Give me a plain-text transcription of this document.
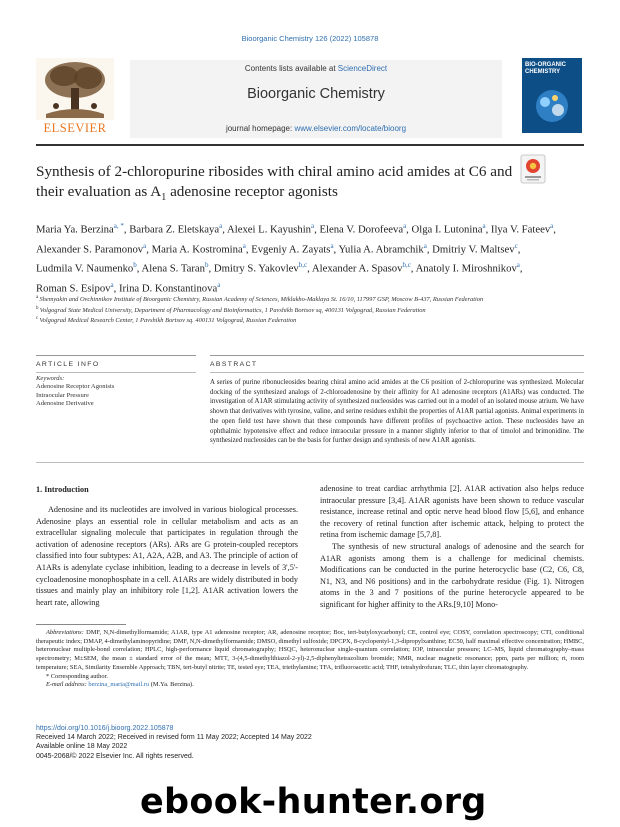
Bioorganic Chemistry 126 (2022) 105878
ELSEVIER
Contents lists available at ScienceDirect
Bioorganic Chemistry
journal homepage: www.elsevier.com/locate/bioorg
BIO-ORGANIC CHEMISTRY
Synthesis of 2-chloropurine ribosides with chiral amino acid amides at C6 and their evaluation as $A_1$ adenosine receptor agonists
Maria Ya. Berzina$^{a, *}$, Barbara Z. Eletskaya$^a$, Alexei L. Kayushin$^a$, Elena V. Dorofeeva$^a$, Olga I. Lutonina$^a$, Ilya V. Fateev$^a$, Alexander S. Paramonov$^a$, Maria A. Kostromina$^a$, Evgeniy A. Zayats$^a$, Yulia A. Abramchik$^a$, Dmitriy V. Maltsev$^c$, Ludmila V. Naumenko$^b$, Alena S. Taran$^b$, Dmitry S. Yakovlev$^{b,c}$, Alexander A. Spasov$^{b,c}$, Anatoly I. Miroshnikov$^a$, Roman S. Esipov$^a$, Irina D. Konstantinova$^a$
$^a$ Shemyakin and Ovchinnikov Institute of Bioorganic Chemistry, Russian Academy of Sciences, Miklukho-Maklaya St. 16/10, 117997 GSP, Moscow B-437, Russian Federation
$^b$ Volgograd State Medical University, Department of Pharmacology and Bioinformatics, 1 Pavshikh Bortsov sq, 400131 Volgograd, Russian Federation
$^c$ Volgograd Medical Research Center, 1 Pavshikh Bortsov sq. 400131 Volgograd, Russian Federation
ARTICLE INFO	ABSTRACT
Keywords:
Adenosine Receptor Agonists
Intraocular Pressure
Adenosine Derivative
A series of purine ribonucleosides bearing chiral amino acid amides at the C6 position of 2-chloropurine was synthesized. Molecular docking of the synthesized analogs of 2-chloroadenosine by their affinity for A1 adenosine receptors (A1ARs) was conducted. The investigation of A1AR stimulating activity of synthesized nucleosides was carried out in a model of an isolated mouse atrium. We have shown that derivatives with tyrosine, valine, and serine residues exhibit the properties of A1AR partial agonists. Animal experiments in the open field test have shown that these compounds have different profiles of psychoactive action. These nucleosides have an ophthalmic hypotensive effect and reduce intraocular pressure in a manner slightly inferior to that of timolol and brimonidine. The synthesized nucleosides can be the basis for further design and synthesis of new A1AR agonists.
1. Introduction

Adenosine and its nucleotides are involved in various biological processes. Adenosine plays an essential role in cellular metabolism and acts as an extracellular signaling molecule that participates in regulation through the activation of adenosine receptors (ARs). ARs are G protein-coupled receptors classified into four subtypes: A1, A2A, A2B, and A3. The principle of action of A1ARs is adenylate cyclase inhibition, leading to a decrease in levels of 3',5'-cycloadenosine monophosphate in a cell. A1ARs are widely distributed in body tissues and mainly play an inhibitory role [1,2]. A1AR activation lowers the heart rate, allowing

adenosine to treat cardiac arrhythmia [2]. A1AR activation also helps reduce intraocular pressure [3,4]. A1AR agonists have been shown to reduce vascular resistance, increase retinal and optic nerve head blood flow [5,6], and enhance the recovery of retinal function after ischemic attack, helping to protect the retina from ischemic damage [5,7,8].

The synthesis of new structural analogs of adenosine and the search for A1AR agonists among them is a challenge for medicinal chemists. Modifications can be conducted in the purine heterocyclic base (C2, C6, C8, N1, N3, and N6 positions) and in the carbohydrate residue (Fig. 1). Nitrogen atoms in the 3 and 7 positions of the purine heterocycle appeared to be significant for higher affinity to the ARs.[9,10] Mono-

Abbreviations: DMF, N,N-dimethylformamide; A1AR, type A1 adenosine receptor; AR, adenosine receptor; Boc, tert-butyloxycarbonyl; CE, control eye; COSY, correlation spectroscopy; CTI, conditional therapeutic index; DMAP, 4-dimethylaminopyridine; DMF, N,N-dimethylformamide; DMSO, dimethyl sulfoxide; DPCPX, 8-cyclopentyl-1,3-dipropylxanthine; EC50, half maximal effective concentration; HMBC, heteronuclear multiple-bond correlation; HPLC, high-performance liquid chromatography; HSQC, heteronuclear single-quantum correlation; IOP, intraocular pressure; LC–MS, liquid chromatography–mass spectrometry; M±SEM, the mean ± standard error of the mean; MTT, 3-(4,5-dimethylthiazol-2-yl)-2,5-diphenyltetrazolium bromide; NMR, nuclear magnetic resonance; ppm, parts per million; rt, room temperature; SEA, Similarity Ensemble Approach; TBN, tert-butyl nitrite; TE, tested eye; TEA, triethylamine; TFA, trifluoroacetic acid; THF, tetrahydrofuran; TLC, thin layer chromatography.

* Corresponding author.

E-mail address: berzina_maria@mail.ru (M.Ya. Berzina).

https://doi.org/10.1016/j.bioorg.2022.105878
Received 14 March 2022; Received in revised form 11 May 2022; Accepted 14 May 2022
Available online 18 May 2022
0045-2068/© 2022 Elsevier Inc. All rights reserved.
ebook-hunter.org
